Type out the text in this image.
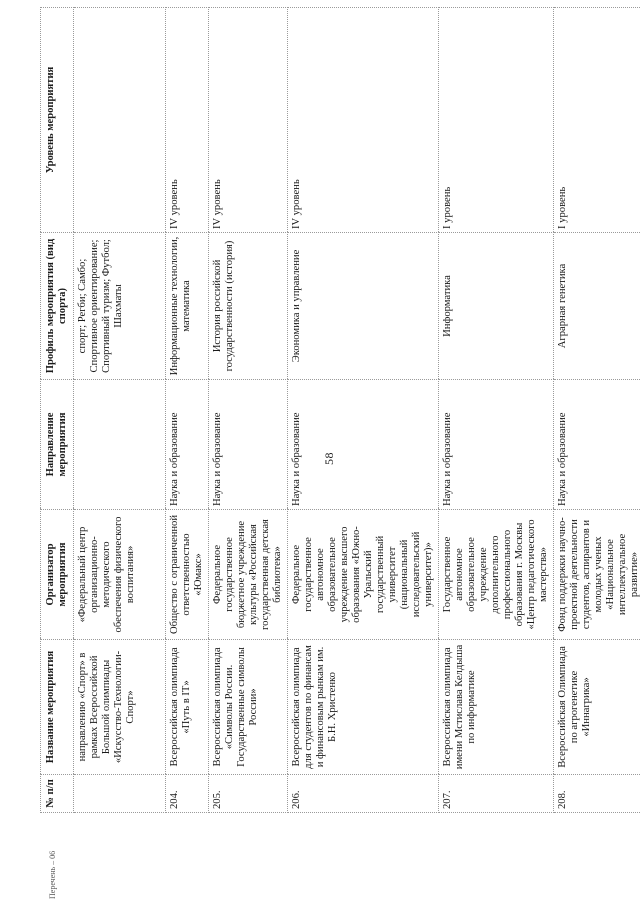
58
Перечень – 06
№ п/п	Название мероприятия	Организатор мероприятия	Направление мероприятия	Профиль мероприятия (вид спорта)	Уровень мероприятия
	направлению «Спорт» в рамках Всероссийской Большой олимпиады «Искусство-Технологии-Спорт»	«Федеральный центр организационно-методического обеспечения физического воспитания»		спорт; Регби; Самбо; Спортивное ориентирование; Спортивный туризм; Футбол; Шахматы	
204.	Всероссийская олимпиада «Путь в IT»	Общество с ограниченной ответственностью «Юмакс»	Наука и образование	Информационные технологии, математика	IV уровень
205.	Всероссийская олимпиада «Символы России. Государственные символы России»	Федеральное государственное бюджетное учреждение культуры «Российская государственная детская библиотека»	Наука и образование	История российской государственности (история)	IV уровень
206.	Всероссийская олимпиада для студентов по финансам и финансовым рынкам им. Б.Н. Христенко	Федеральное государственное автономное образовательное учреждение высшего образования «Южно-Уральский государственный университет (национальный исследовательский университет)»	Наука и образование	Экономика и управление	IV уровень
207.	Всероссийская олимпиада имени Мстислава Келдыша по информатике	Государственное автономное образовательное учреждение дополнительного профессионального образования г. Москвы «Центр педагогического мастерства»	Наука и образование	Информатика	I уровень
208.	Всероссийская Олимпиада по агрогенетике «Иннагрика»	Фонд поддержки научно-проектной деятельности студентов, аспирантов и молодых ученых «Национальное интеллектуальное развитие»	Наука и образование	Аграрная генетика	I уровень
